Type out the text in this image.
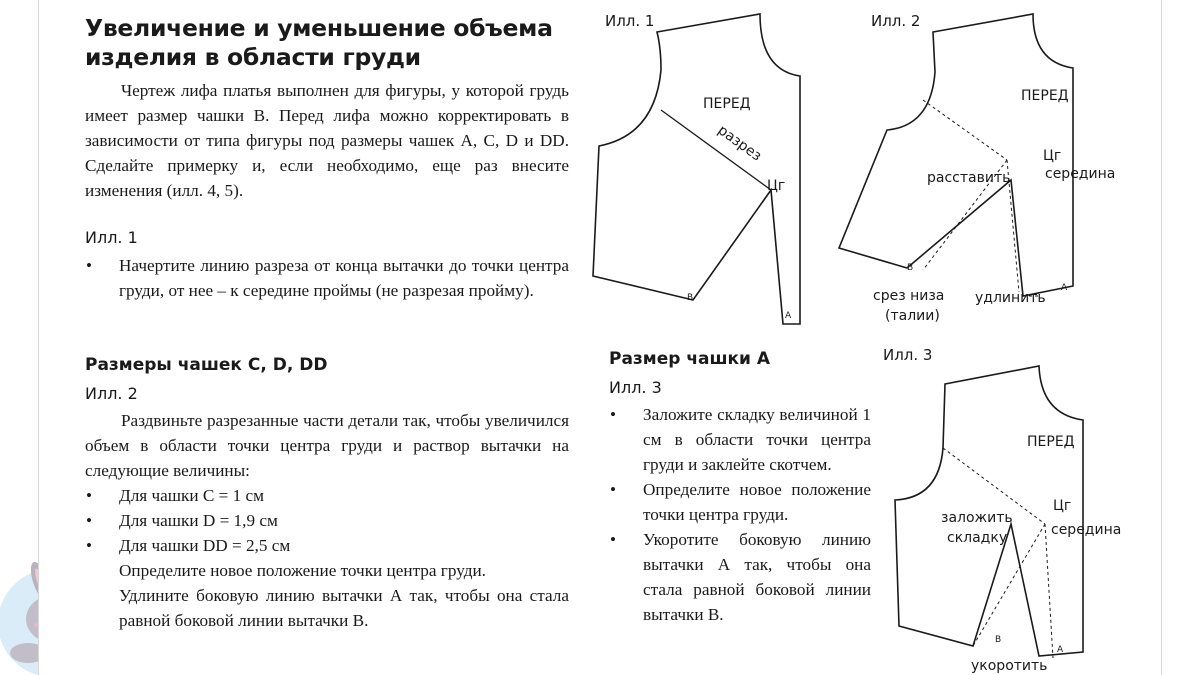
Увеличение и уменьшение объема
изделия в области груди

Чертеж лифа платья выполнен для фигуры, у которой грудь имеет размер чашки В. Перед лифа можно корректировать в зависимости от типа фигуры под размеры чашек А, С, D и DD. Сделайте примерку и, если необходимо, еще раз внесите изменения (илл. 4, 5).

Илл. 1
• Начертите линию разреза от конца вытачки до точки центра груди, от нее – к середине проймы (не разрезая пройму).
Размеры чашек С, D, DD
Илл. 2

Раздвиньте разрезанные части детали так, чтобы увеличился объем в области точки центра груди и раствор вытачки на следующие величины:

• Для чашки С = 1 см
• Для чашки D = 1,9 см
• Для чашки DD = 2,5 см

Определите новое положение точки центра груди.

Удлините боковую линию вытачки А так, чтобы она стала равной боковой линии вытачки В.

Размер чашки А
Илл. 3
• Заложите складку величиной 1 см в области точки центра груди и заклейте скотчем.
• Определите новое положение точки центра груди.
• Укоротите боковую линию вытачки А так, чтобы она стала равной боковой линии вытачки В.
Илл. 1
ПЕРЕД
разрез
Цг
B
A
Илл. 2
ПЕРЕД
Цг
середина
расставить
B
A
срез низа
(талии)
удлинить
Илл. 3
ПЕРЕД
Цг
середина
заложить
складку
B
A
укоротить
